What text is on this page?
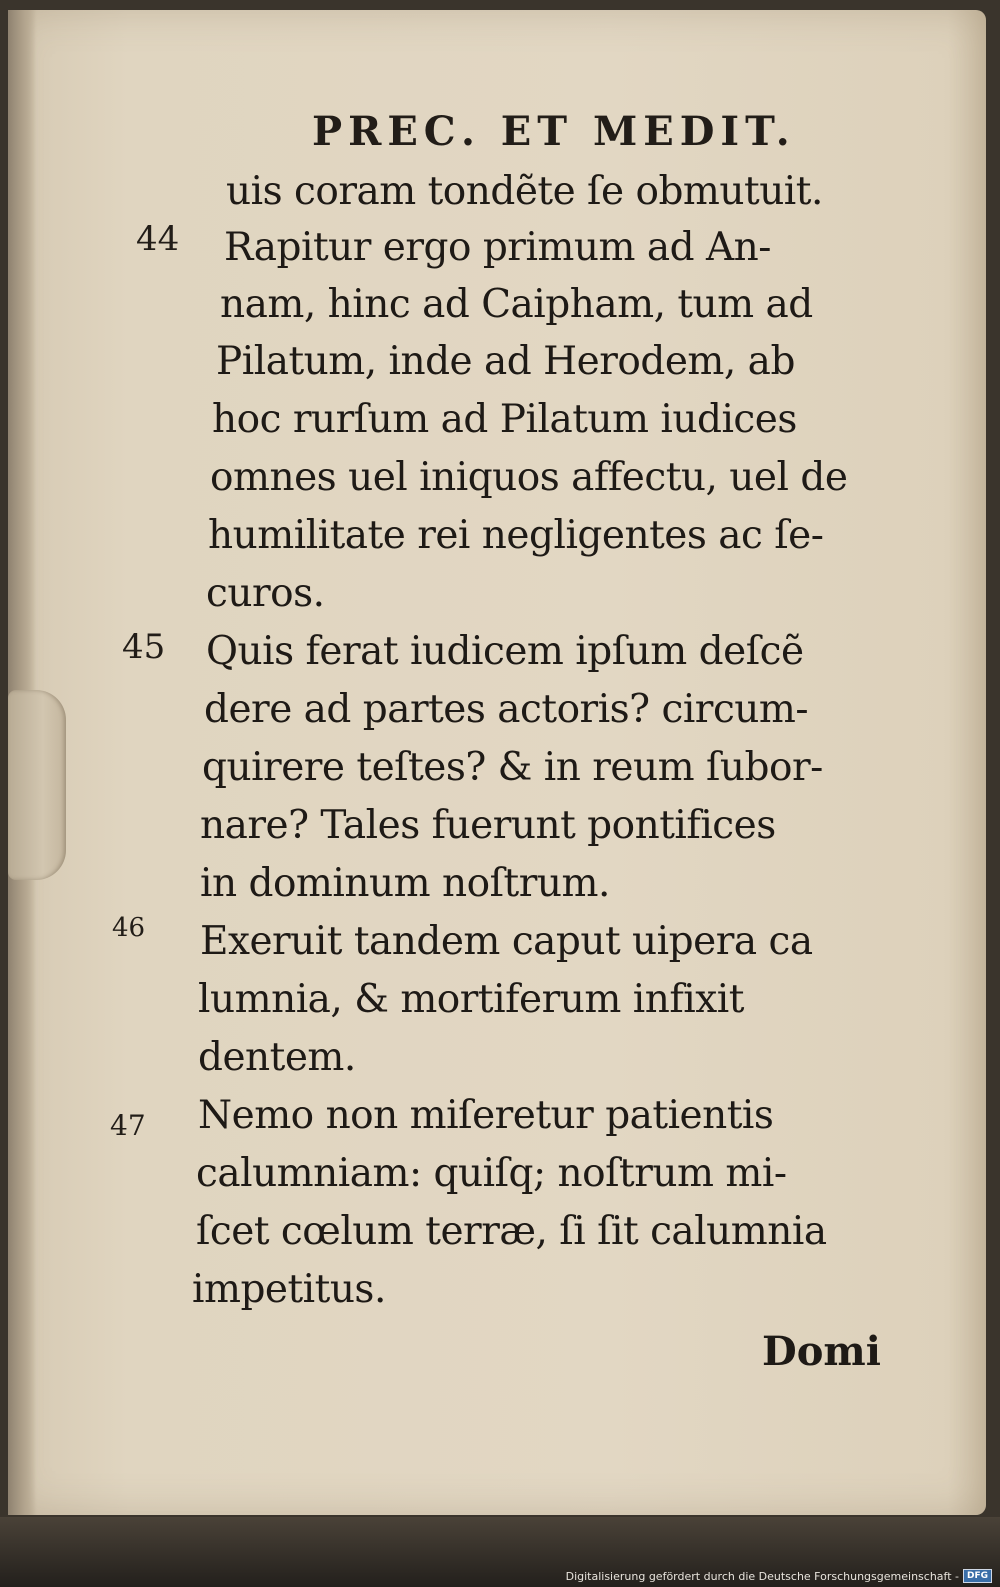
PREC. ET MEDIT.
uis coram tondẽte ſe obmutuit.
44 Rapitur ergo primum ad An-
nam, hinc ad Caipham, tum ad
Pilatum, inde ad Herodem, ab
hoc rurſum ad Pilatum iudices
omnes uel iniquos affectu, uel de
humilitate rei negligentes ac ſe-
curos.
45 Quis ferat iudicem ipſum deſcẽ
dere ad partes actoris? circum-
quirere teſtes? & in reum ſubor-
nare? Tales fuerunt pontifices
in dominum noſtrum.
46 Exeruit tandem caput uipera ca
lumnia, & mortiferum infixit
dentem.
47 Nemo non miſeretur patientis
calumniam: quiſq; noſtrum mi-
ſcet cœlum terræ, ſi ſit calumnia
impetitus.
Domi
Digitalisierung gefördert durch die Deutsche Forschungsgemeinschaft - DFG
